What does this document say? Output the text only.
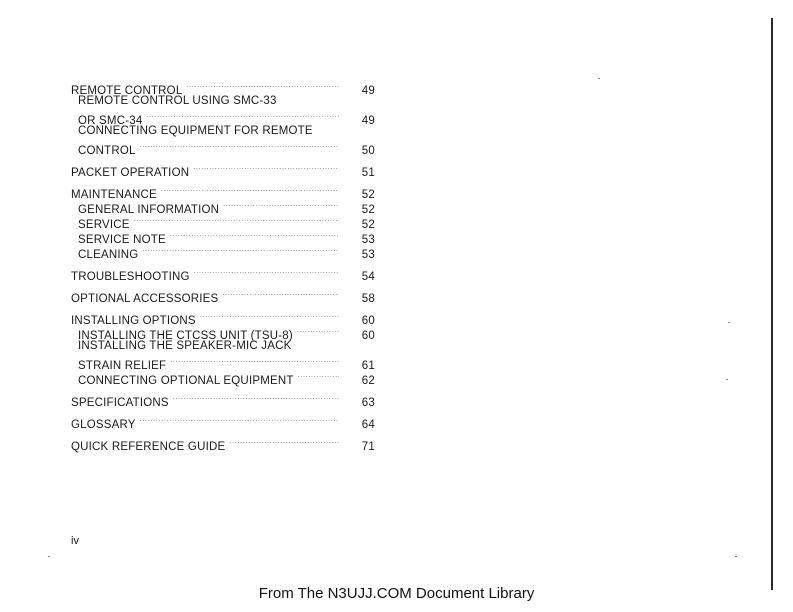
REMOTE CONTROL . . .	49
REMOTE CONTROL USING SMC-33
OR SMC-34 . . .	49
CONNECTING EQUIPMENT FOR REMOTE
CONTROL . . .	50
PACKET OPERATION . . .	51
MAINTENANCE . . .	52
GENERAL INFORMATION . . .	52
SERVICE . . .	52
SERVICE NOTE . . .	53
CLEANING . . .	53
TROUBLESHOOTING . . .	54
OPTIONAL ACCESSORIES . . .	58
INSTALLING OPTIONS . . .	60
INSTALLING THE CTCSS UNIT (TSU-8) . . .	60
INSTALLING THE SPEAKER-MIC JACK
STRAIN RELIEF . . .	61
CONNECTING OPTIONAL EQUIPMENT . . .	62
SPECIFICATIONS . . .	63
GLOSSARY . . .	64
QUICK REFERENCE GUIDE . . .	71
iv
From The N3UJJ.COM Document Library
